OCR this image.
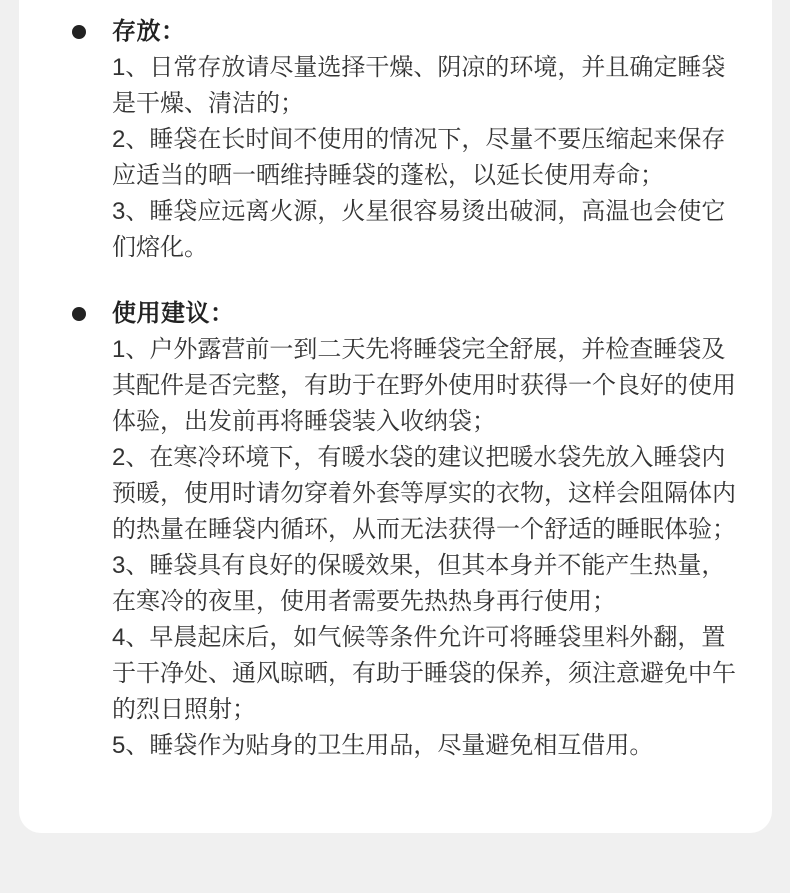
存放：

1、日常存放请尽量选择干燥、阴凉的环境，并且确定睡袋是干燥、清洁的；

2、睡袋在长时间不使用的情况下，尽量不要压缩起来保存应适当的晒一晒维持睡袋的蓬松，以延长使用寿命；

3、睡袋应远离火源，火星很容易烫出破洞，高温也会使它们熔化。

使用建议：

1、户外露营前一到二天先将睡袋完全舒展，并检查睡袋及其配件是否完整，有助于在野外使用时获得一个良好的使用体验，出发前再将睡袋装入收纳袋；

2、在寒冷环境下，有暖水袋的建议把暖水袋先放入睡袋内预暖，使用时请勿穿着外套等厚实的衣物，这样会阻隔体内的热量在睡袋内循环，从而无法获得一个舒适的睡眠体验；

3、睡袋具有良好的保暖效果，但其本身并不能产生热量，在寒冷的夜里，使用者需要先热热身再行使用；

4、早晨起床后，如气候等条件允许可将睡袋里料外翻，置于干净处、通风晾晒，有助于睡袋的保养，须注意避免中午的烈日照射；

5、睡袋作为贴身的卫生用品，尽量避免相互借用。
